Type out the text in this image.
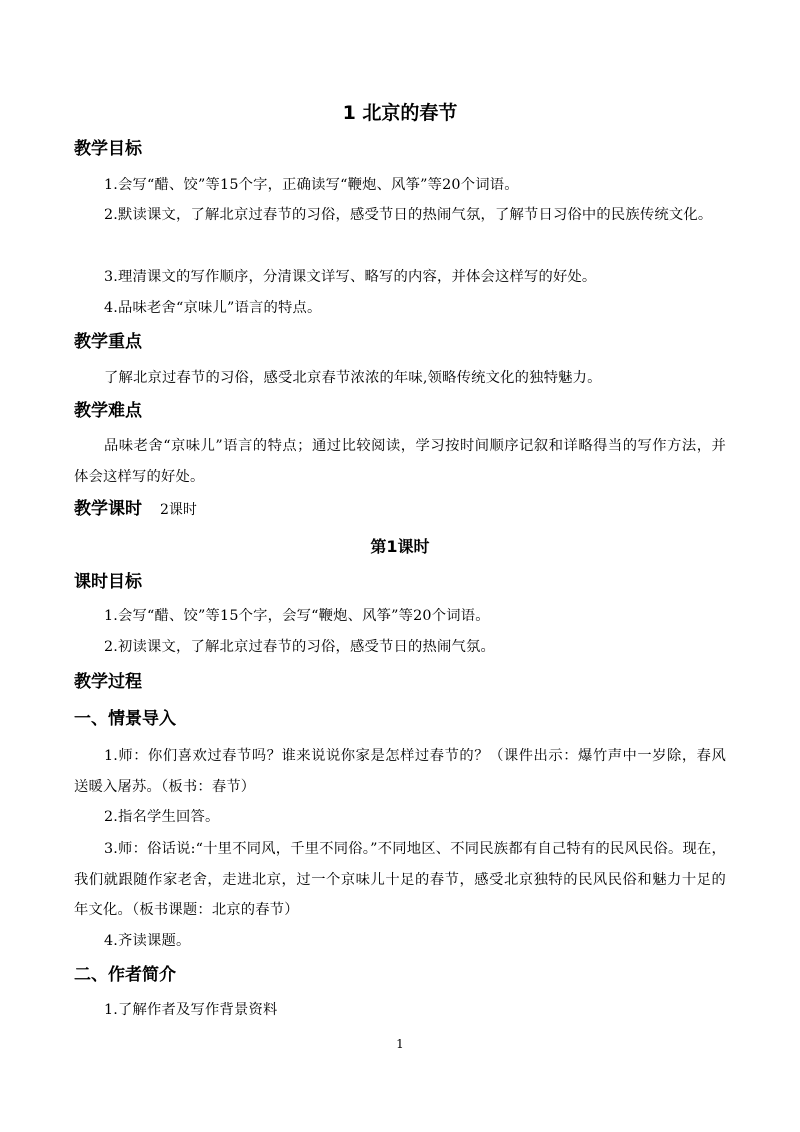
1 北京的春节
教学目标
1.会写“醋、饺”等15个字，正确读写“鞭炮、风筝”等20个词语。
2.默读课文，了解北京过春节的习俗，感受节日的热闹气氛，了解节日习俗中的民族传统文化。
3.理清课文的写作顺序，分清课文详写、略写的内容，并体会这样写的好处。
4.品味老舍“京味儿”语言的特点。
教学重点
了解北京过春节的习俗，感受北京春节浓浓的年味,领略传统文化的独特魅力。
教学难点
品味老舍“京味儿”语言的特点；通过比较阅读，学习按时间顺序记叙和详略得当的写作方法，并体会这样写的好处。
教学课时 2课时
第1课时
课时目标
1.会写“醋、饺”等15个字，会写“鞭炮、风筝”等20个词语。
2.初读课文，了解北京过春节的习俗，感受节日的热闹气氛。
教学过程
一、情景导入
1.师：你们喜欢过春节吗？谁来说说你家是怎样过春节的？（课件出示：爆竹声中一岁除，春风送暖入屠苏。（板书：春节）
2.指名学生回答。
3.师：俗话说:“十里不同风，千里不同俗。”不同地区、不同民族都有自己特有的民风民俗。现在，我们就跟随作家老舍，走进北京，过一个京味儿十足的春节，感受北京独特的民风民俗和魅力十足的年文化。（板书课题：北京的春节）
4.齐读课题。
二、作者简介
1.了解作者及写作背景资料
1
